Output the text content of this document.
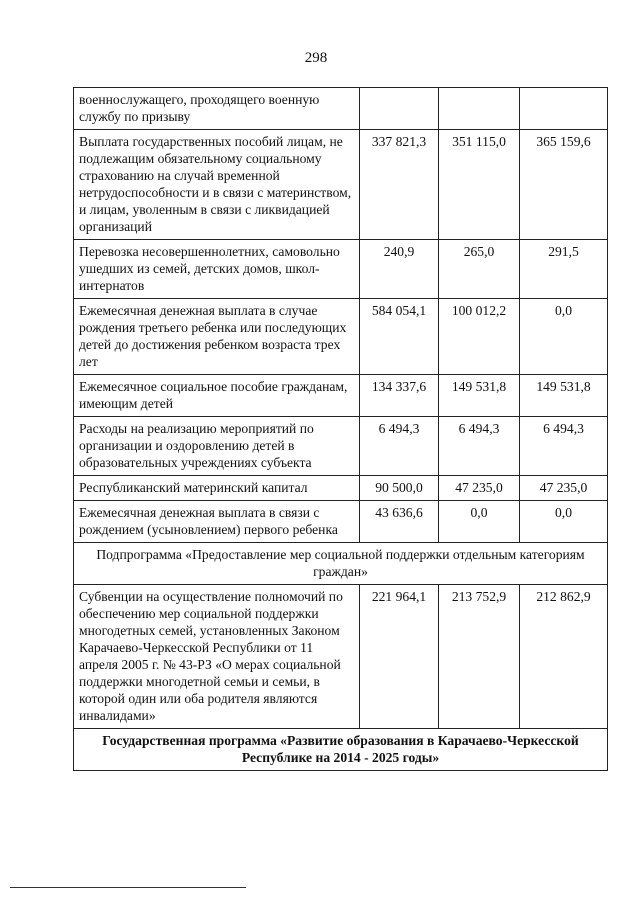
298
военнослужащего, проходящего военную службу по призыву			
Выплата государственных пособий лицам, не подлежащим обязательному социальному страхованию на случай временной нетрудоспособности и в связи с материнством, и лицам, уволенным в связи с ликвидацией организаций	337 821,3	351 115,0	365 159,6
Перевозка несовершеннолетних, самовольно ушедших из семей, детских домов, школ-интернатов	240,9	265,0	291,5
Ежемесячная денежная выплата в случае рождения третьего ребенка или последующих детей до достижения ребенком возраста трех лет	584 054,1	100 012,2	0,0
Ежемесячное социальное пособие гражданам, имеющим детей	134 337,6	149 531,8	149 531,8
Расходы на реализацию мероприятий по организации и оздоровлению детей в образовательных учреждениях субъекта	6 494,3	6 494,3	6 494,3
Республиканский материнский капитал	90 500,0	47 235,0	47 235,0
Ежемесячная денежная выплата в связи с рождением (усыновлением) первого ребенка	43 636,6	0,0	0,0
Подпрограмма «Предоставление мер социальной поддержки отдельным категориям граждан»			
Субвенции на осуществление полномочий по обеспечению мер социальной поддержки многодетных семей, установленных Законом Карачаево-Черкесской Республики от 11 апреля 2005 г. № 43-РЗ «О мерах социальной поддержки многодетной семьи и семьи, в которой один или оба родителя являются инвалидами»	221 964,1	213 752,9	212 862,9
Государственная программа «Развитие образования в Карачаево-Черкесской Республике на 2014 - 2025 годы»			
